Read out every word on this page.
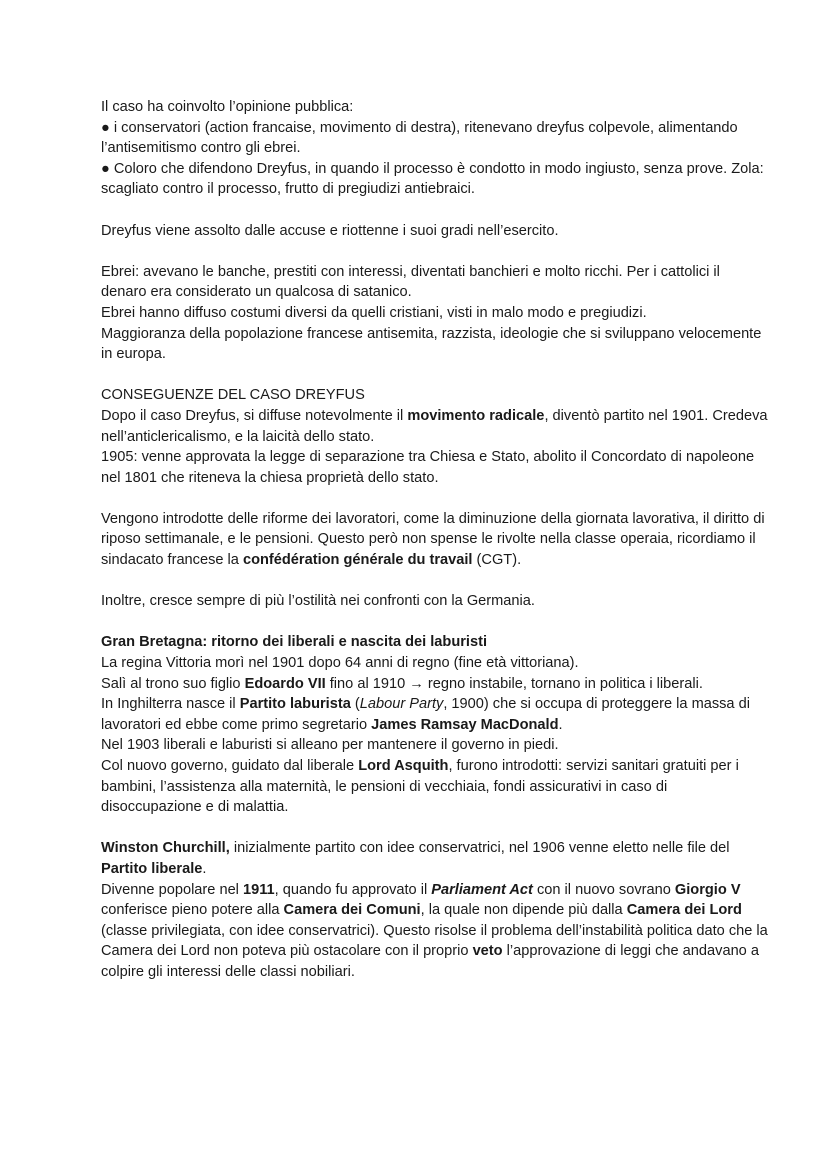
Il caso ha coinvolto l’opinione pubblica:

● i conservatori (action francaise, movimento di destra), ritenevano dreyfus colpevole, alimentando l’antisemitismo contro gli ebrei.

● Coloro che difendono Dreyfus, in quando il processo è condotto in modo ingiusto, senza prove. Zola: scagliato contro il processo, frutto di pregiudizi antiebraici.

Dreyfus viene assolto dalle accuse e riottenne i suoi gradi nell’esercito.

Ebrei: avevano le banche, prestiti con interessi, diventati banchieri e molto ricchi. Per i cattolici il denaro era considerato un qualcosa di satanico.

Ebrei hanno diffuso costumi diversi da quelli cristiani, visti in malo modo e pregiudizi.

Maggioranza della popolazione francese antisemita, razzista, ideologie che si sviluppano velocemente in europa.

CONSEGUENZE DEL CASO DREYFUS

Dopo il caso Dreyfus, si diffuse notevolmente il movimento radicale, diventò partito nel 1901. Credeva nell’anticlericalismo, e la laicità dello stato.

1905: venne approvata la legge di separazione tra Chiesa e Stato, abolito il Concordato di napoleone nel 1801 che riteneva la chiesa proprietà dello stato.

Vengono introdotte delle riforme dei lavoratori, come la diminuzione della giornata lavorativa, il diritto di riposo settimanale, e le pensioni. Questo però non spense le rivolte nella classe operaia, ricordiamo il sindacato francese la confédération générale du travail (CGT).

Inoltre, cresce sempre di più l’ostilità nei confronti con la Germania.

Gran Bretagna: ritorno dei liberali e nascita dei laburisti

La regina Vittoria morì nel 1901 dopo 64 anni di regno (fine età vittoriana).

Salì al trono suo figlio Edoardo VII fino al 1910 → regno instabile, tornano in politica i liberali.

In Inghilterra nasce il Partito laburista (Labour Party, 1900) che si occupa di proteggere la massa di lavoratori ed ebbe come primo segretario James Ramsay MacDonald.

Nel 1903 liberali e laburisti si alleano per mantenere il governo in piedi.

Col nuovo governo, guidato dal liberale Lord Asquith, furono introdotti: servizi sanitari gratuiti per i bambini, l’assistenza alla maternità, le pensioni di vecchiaia, fondi assicurativi in caso di disoccupazione e di malattia.

Winston Churchill, inizialmente partito con idee conservatrici, nel 1906 venne eletto nelle file del Partito liberale.

Divenne popolare nel 1911, quando fu approvato il Parliament Act con il nuovo sovrano Giorgio V conferisce pieno potere alla Camera dei Comuni, la quale non dipende più dalla Camera dei Lord (classe privilegiata, con idee conservatrici). Questo risolse il problema dell’instabilità politica dato che la Camera dei Lord non poteva più ostacolare con il proprio veto l’approvazione di leggi che andavano a colpire gli interessi delle classi nobiliari.
